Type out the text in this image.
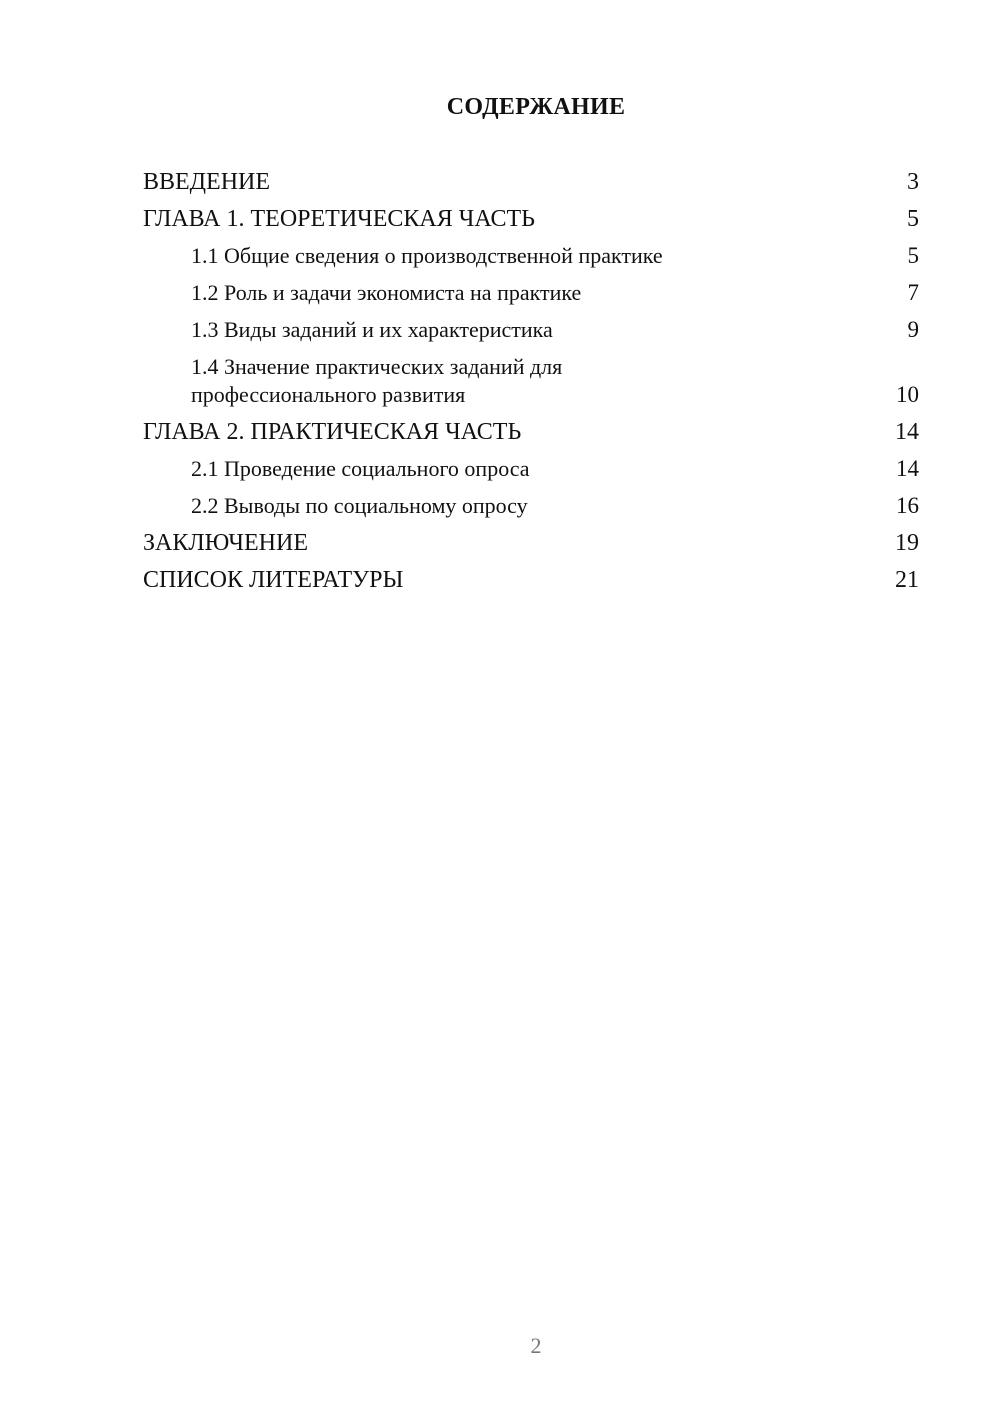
СОДЕРЖАНИЕ
ВВЕДЕНИЕ	3
ГЛАВА 1. ТЕОРЕТИЧЕСКАЯ ЧАСТЬ	5
1.1 Общие сведения о производственной практике	5
1.2 Роль и задачи экономиста на практике	7
1.3 Виды заданий и их характеристика	9
1.4 Значение практических заданий для профессионального развития	10
ГЛАВА 2. ПРАКТИЧЕСКАЯ ЧАСТЬ	14
2.1 Проведение социального опроса	14
2.2 Выводы по социальному опросу	16
ЗАКЛЮЧЕНИЕ	19
СПИСОК ЛИТЕРАТУРЫ	21
2
